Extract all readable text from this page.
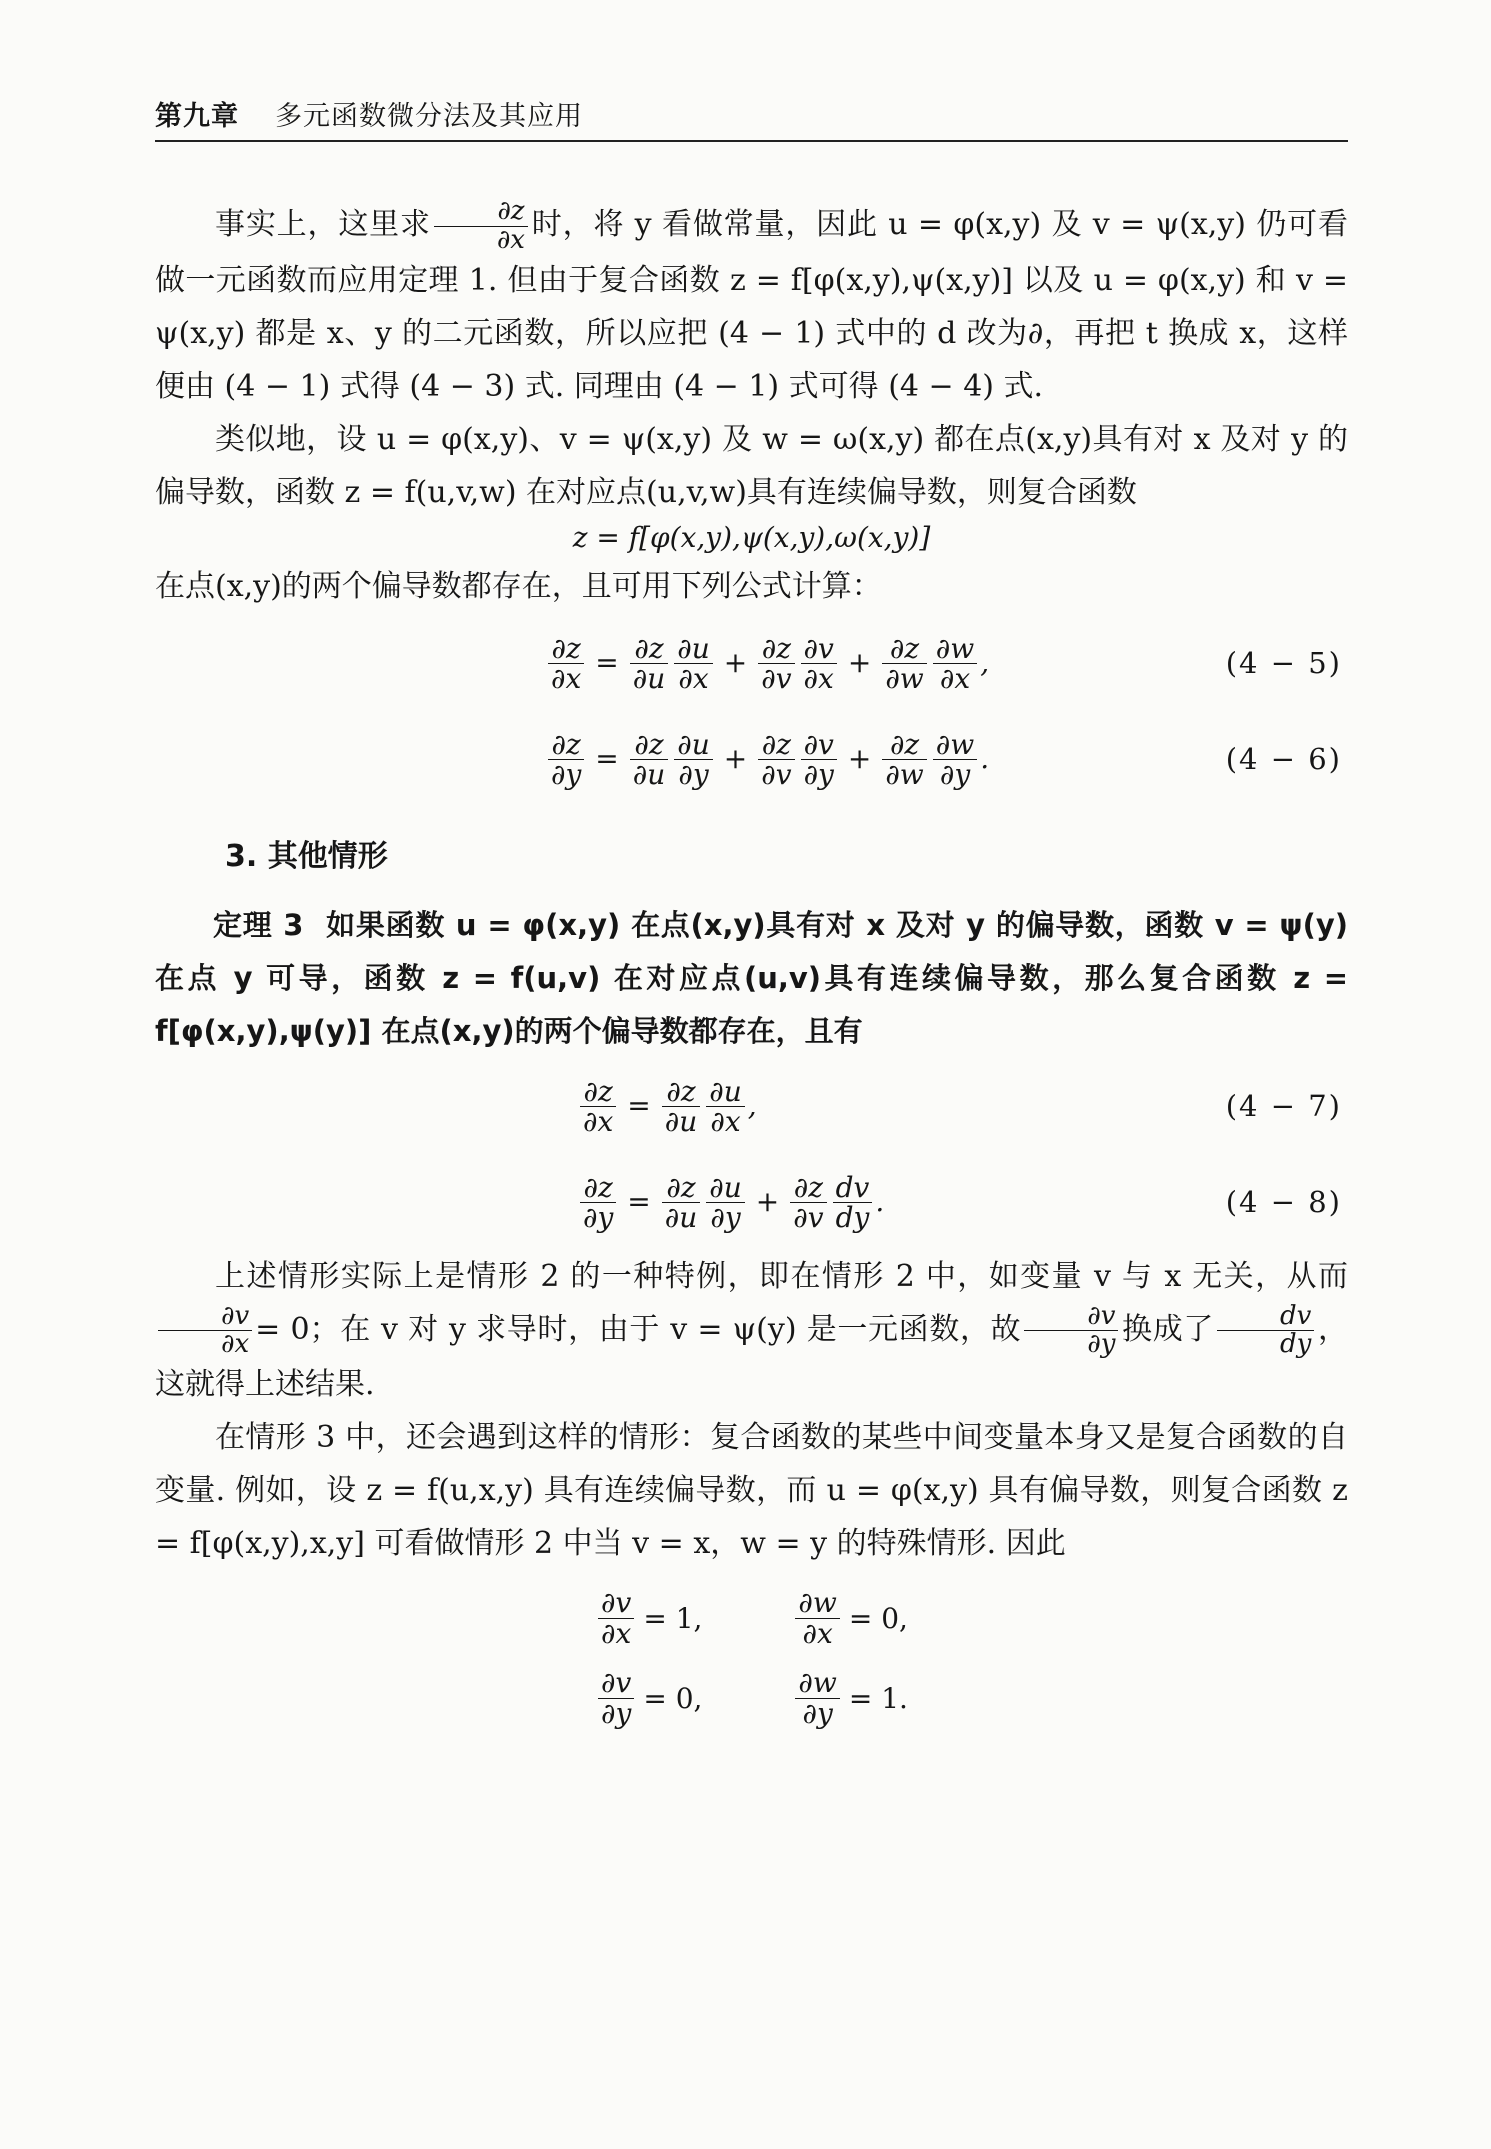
第九章 多元函数微分法及其应用

事实上，这里求 $\frac{\partial z}{\partial x}$ 时，将 y 看做常量，因此 u = φ(x,y) 及 v = ψ(x,y) 仍可看做一元函数而应用定理 1. 但由于复合函数 z = f[φ(x,y),ψ(x,y)] 以及 u = φ(x,y) 和 v = ψ(x,y) 都是 x、y 的二元函数，所以应把 (4 − 1) 式中的 d 改为∂，再把 t 换成 x，这样便由 (4 − 1) 式得 (4 − 3) 式. 同理由 (4 − 1) 式可得 (4 − 4) 式.

类似地，设 u = φ(x,y)、v = ψ(x,y) 及 w = ω(x,y) 都在点(x,y)具有对 x 及对 y 的偏导数，函数 z = f(u,v,w) 在对应点(u,v,w)具有连续偏导数，则复合函数

z = f[φ(x,y),ψ(x,y),ω(x,y)]

在点(x,y)的两个偏导数都存在，且可用下列公式计算：

$\frac{\partial z}{\partial x} = \frac{\partial z}{\partial u} \frac{\partial u}{\partial x} + \frac{\partial z}{\partial v} \frac{\partial v}{\partial x} + \frac{\partial z}{\partial w} \frac{\partial w}{\partial x}$ ,	(4 − 5)
$\frac{\partial z}{\partial y} = \frac{\partial z}{\partial u} \frac{\partial u}{\partial y} + \frac{\partial z}{\partial v} \frac{\partial v}{\partial y} + \frac{\partial z}{\partial w} \frac{\partial w}{\partial y}$ .	(4 − 6)
3. 其他情形

定理 3 如果函数 u = φ(x,y) 在点(x,y)具有对 x 及对 y 的偏导数，函数 v = ψ(y) 在点 y 可导，函数 z = f(u,v) 在对应点(u,v)具有连续偏导数，那么复合函数 z = f[φ(x,y),ψ(y)] 在点(x,y)的两个偏导数都存在，且有

$\frac{\partial z}{\partial x} = \frac{\partial z}{\partial u} \frac{\partial u}{\partial x}$ ,	(4 − 7)
$\frac{\partial z}{\partial y} = \frac{\partial z}{\partial u} \frac{\partial u}{\partial y} + \frac{\partial z}{\partial v} \frac{dv}{dy}$ .	(4 − 8)

上述情形实际上是情形 2 的一种特例，即在情形 2 中，如变量 v 与 x 无关，从而
$\frac{\partial v}{\partial x} = 0$；在 v 对 y 求导时，由于 v = ψ(y) 是一元函数，故 $\frac{\partial v}{\partial y}$ 换成了 $\frac{dv}{dy}$ ，这就得上述结果.

在情形 3 中，还会遇到这样的情形：复合函数的某些中间变量本身又是复合函数的自变量. 例如，设 z = f(u,x,y) 具有连续偏导数，而 u = φ(x,y) 具有偏导数，则复合函数 z = f[φ(x,y),x,y] 可看做情形 2 中当 v = x，w = y 的特殊情形. 因此

$\frac{\partial v}{\partial x} = 1$,	$\frac{\partial w}{\partial x} = 0$,
$\frac{\partial v}{\partial y} = 0$,	$\frac{\partial w}{\partial y} = 1$.
